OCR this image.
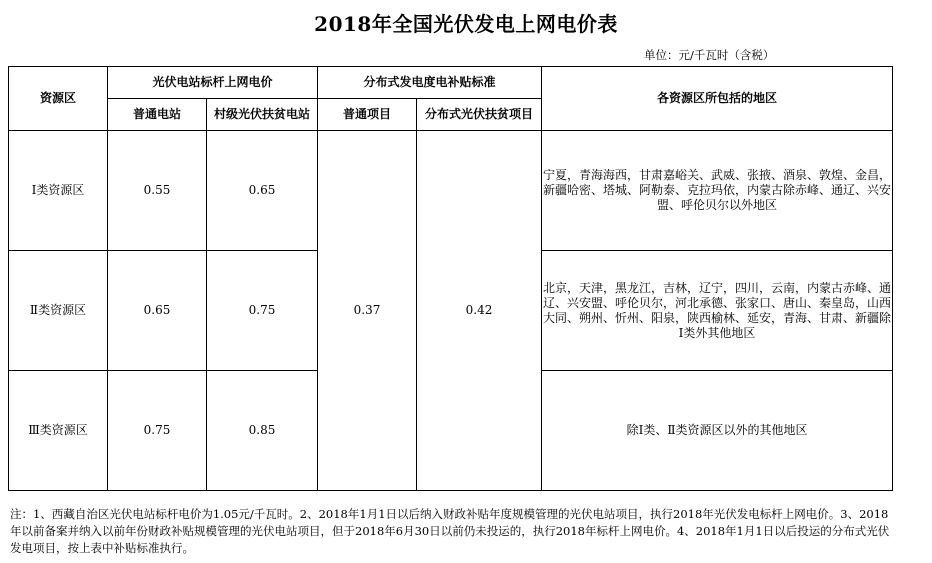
2018年全国光伏发电上网电价表
单位：元/千瓦时（含税）
资源区	光伏电站标杆上网电价		分布式发电度电补贴标准		各资源区所包括的地区
	普通电站	村级光伏扶贫电站	普通项目	分布式光伏扶贫项目	
Ⅰ类资源区	0.55	0.65	0.37	0.42	宁夏，青海海西，甘肃嘉峪关、武威、张掖、酒泉、敦煌、金昌，新疆哈密、塔城、阿勒泰、克拉玛依，内蒙古除赤峰、通辽、兴安盟、呼伦贝尔以外地区
Ⅱ类资源区	0.65	0.75			北京，天津，黑龙江，吉林，辽宁，四川，云南，内蒙古赤峰、通辽、兴安盟、呼伦贝尔，河北承德、张家口、唐山、秦皇岛，山西大同、朔州、忻州、阳泉，陕西榆林、延安，青海、甘肃、新疆除Ⅰ类外其他地区
Ⅲ类资源区	0.75	0.85			除Ⅰ类、Ⅱ类资源区以外的其他地区
注：1、西藏自治区光伏电站标杆电价为1.05元/千瓦时。2、2018年1月1日以后纳入财政补贴年度规模管理的光伏电站项目，执行2018年光伏发电标杆上网电价。3、2018年以前备案并纳入以前年份财政补贴规模管理的光伏电站项目，但于2018年6月30日以前仍未投运的，执行2018年标杆上网电价。4、2018年1月1日以后投运的分布式光伏发电项目，按上表中补贴标准执行。
